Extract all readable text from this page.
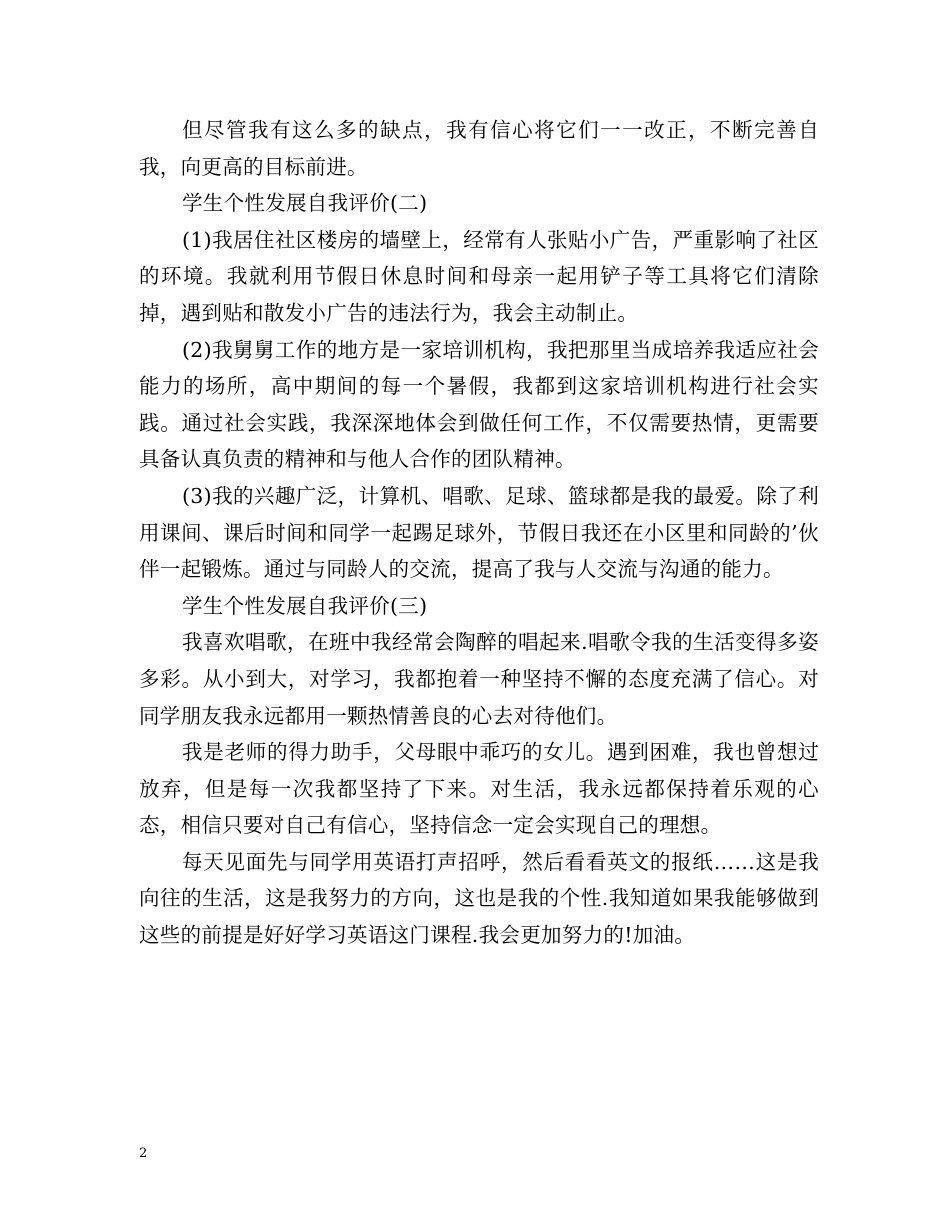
但尽管我有这么多的缺点，我有信心将它们一一改正，不断完善自我，向更高的目标前进。

学生个性发展自我评价(二)

(1)我居住社区楼房的墙壁上，经常有人张贴小广告，严重影响了社区的环境。我就利用节假日休息时间和母亲一起用铲子等工具将它们清除掉，遇到贴和散发小广告的违法行为，我会主动制止。

(2)我舅舅工作的地方是一家培训机构，我把那里当成培养我适应社会能力的场所，高中期间的每一个暑假，我都到这家培训机构进行社会实践。通过社会实践，我深深地体会到做任何工作，不仅需要热情，更需要具备认真负责的精神和与他人合作的团队精神。

(3)我的兴趣广泛，计算机、唱歌、足球、篮球都是我的最爱。除了利用课间、课后时间和同学一起踢足球外，节假日我还在小区里和同龄的’伙伴一起锻炼。通过与同龄人的交流，提高了我与人交流与沟通的能力。

学生个性发展自我评价(三)

我喜欢唱歌，在班中我经常会陶醉的唱起来.唱歌令我的生活变得多姿多彩。从小到大，对学习，我都抱着一种坚持不懈的态度充满了信心。对同学朋友我永远都用一颗热情善良的心去对待他们。

我是老师的得力助手，父母眼中乖巧的女儿。遇到困难，我也曾想过放弃，但是每一次我都坚持了下来。对生活，我永远都保持着乐观的心态，相信只要对自己有信心，坚持信念一定会实现自己的理想。

每天见面先与同学用英语打声招呼，然后看看英文的报纸……这是我向往的生活，这是我努力的方向，这也是我的个性.我知道如果我能够做到这些的前提是好好学习英语这门课程.我会更加努力的!加油。

2
